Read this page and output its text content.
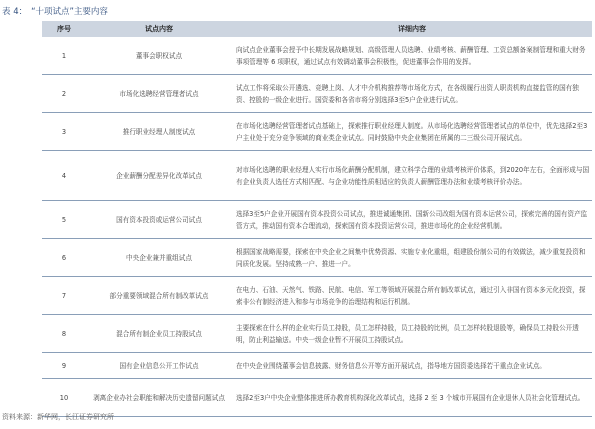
表 4： “十项试点”主要内容
序号	试点内容	详细内容
1	董事会职权试点	向试点企业董事会授予中长期发展战略规划、高级管理人员选聘、业绩考核、薪酬管理、工资总额备案制管理和重大财务事项管理等 6 项职权，通过试点有效调动董事会积极性，促进董事会作用的发挥。
2	市场化选聘经营管理者试点	试点工作将采取公开遴选、竞聘上岗、人才中介机构推荐等市场化方式，在各级履行出资人职责机构直接监管的国有独资、控股的一级企业进行。国资委和各省市将分别选择3至5户企业进行试点。
3	推行职业经理人制度试点	在市场化选聘经营管理者试点基础上，探索推行职业经理人制度。从市场化选聘经营管理者试点的单位中，优先选择2至3户主业处于充分竞争领域的商业类企业试点。同时鼓励中央企业集团在所属的二三级公司开展试点。
4	企业薪酬分配差异化改革试点	对市场化选聘的职业经理人实行市场化薪酬分配机制，建立科学合理的业绩考核评价体系，到2020年左右，全面形成与国有企业负责人选任方式相匹配、与企业功能性质相适应的负责人薪酬管理办法和业绩考核评价办法。
5	国有资本投资或运营公司试点	选择3至5户企业开展国有资本投资公司试点，推进诚通集团、国新公司改组为国有资本运营公司，探索完善的国有资产监管方式，推动国有资本合理流动，探索国有资本投资运营公司，推进市场化的企业经营机制。
6	中央企业兼并重组试点	根据国家战略需要，探索在中央企业之间集中优势资源、实施专业化重组，组建股份制公司的有效做法，减少重复投资和同质化发展。坚持成熟一户、推进一户。
7	部分重要领域混合所有制改革试点	在电力、石油、天然气、铁路、民航、电信、军工等领域开展混合所有制改革试点，通过引入非国有资本多元化投资，探索非公有制经济进入和参与市场竞争的治理结构和运行机制。
8	混合所有制企业员工持股试点	主要探索在什么样的企业实行员工持股，员工怎样持股，员工持股的比例，员工怎样转股退股等，确保员工持股公开透明，防止利益输送。中央一级企业暂不开展员工持股试点。
9	国有企业信息公开工作试点	在中央企业围绕董事会信息披露、财务信息公开等方面开展试点，指导地方国资委选择若干重点企业试点。
10	剥离企业办社会职能和解决历史遗留问题试点	选择2至3户中央企业整体推进所办教育机构深化改革试点，选择 2 至 3 个城市开展国有企业退休人员社会化管理试点。
资料来源：新华网，长江证券研究所
